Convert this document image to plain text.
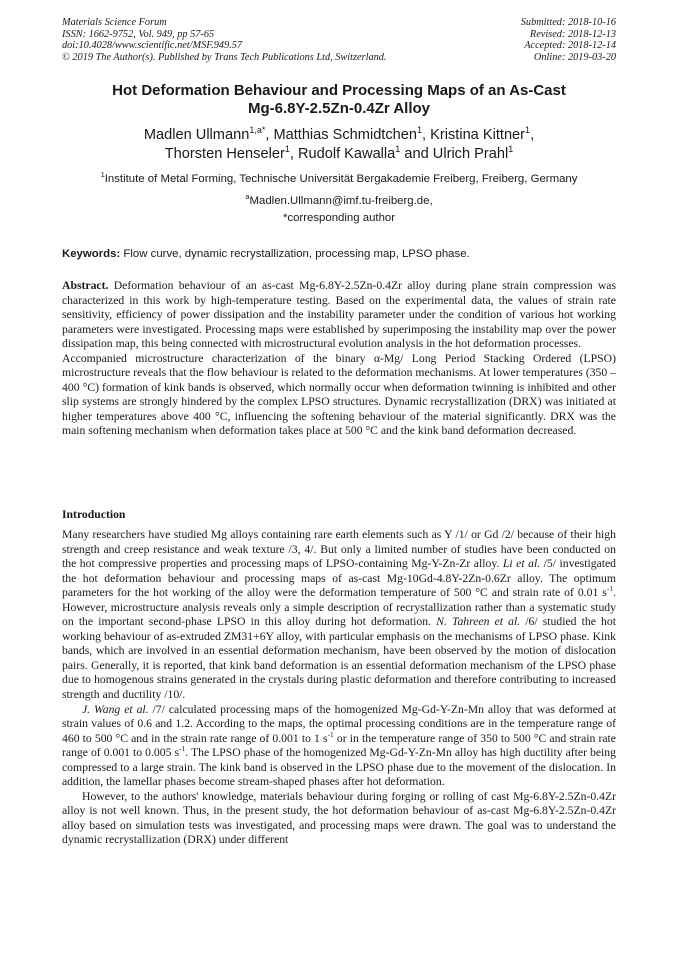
Materials Science Forum
ISSN: 1662-9752, Vol. 949, pp 57-65
doi:10.4028/www.scientific.net/MSF.949.57
© 2019 The Author(s). Published by Trans Tech Publications Ltd, Switzerland.
Submitted: 2018-10-16
Revised: 2018-12-13
Accepted: 2018-12-14
Online: 2019-03-20
Hot Deformation Behaviour and Processing Maps of an As-Cast
Mg-6.8Y-2.5Zn-0.4Zr Alloy
Madlen Ullmann$^{1,a*}$, Matthias Schmidtchen$^1$, Kristina Kittner$^1$,
Thorsten Henseler$^1$, Rudolf Kawalla$^1$ and Ulrich Prahl$^1$
$^1$Institute of Metal Forming, Technische Universität Bergakademie Freiberg, Freiberg, Germany
$^a$Madlen.Ullmann@imf.tu-freiberg.de,
*corresponding author
Keywords: Flow curve, dynamic recrystallization, processing map, LPSO phase.

Abstract. Deformation behaviour of an as-cast Mg-6.8Y-2.5Zn-0.4Zr alloy during plane strain compression was characterized in this work by high-temperature testing. Based on the experimental data, the values of strain rate sensitivity, efficiency of power dissipation and the instability parameter under the condition of various hot working parameters were investigated. Processing maps were established by superimposing the instability map over the power dissipation map, this being connected with microstructural evolution analysis in the hot deformation processes.

Accompanied microstructure characterization of the binary α-Mg/ Long Period Stacking Ordered (LPSO) microstructure reveals that the flow behaviour is related to the deformation mechanisms. At lower temperatures (350 – 400 °C) formation of kink bands is observed, which normally occur when deformation twinning is inhibited and other slip systems are strongly hindered by the complex LPSO structures. Dynamic recrystallization (DRX) was initiated at higher temperatures above 400 °C, influencing the softening behaviour of the material significantly. DRX was the main softening mechanism when deformation takes place at 500 °C and the kink band deformation decreased.

Introduction

Many researchers have studied Mg alloys containing rare earth elements such as Y /1/ or Gd /2/ because of their high strength and creep resistance and weak texture /3, 4/. But only a limited number of studies have been conducted on the hot compressive properties and processing maps of LPSO-containing Mg-Y-Zn-Zr alloy. Li et al. /5/ investigated the hot deformation behaviour and processing maps of as-cast Mg-10Gd-4.8Y-2Zn-0.6Zr alloy. The optimum parameters for the hot working of the alloy were the deformation temperature of 500 °C and strain rate of 0.01 $s^{-1}$. However, microstructure analysis reveals only a simple description of recrystallization rather than a systematic study on the important second-phase LPSO in this alloy during hot deformation. N. Tahreen et al. /6/ studied the hot working behaviour of as-extruded ZM31+6Y alloy, with particular emphasis on the mechanisms of LPSO phase. Kink bands, which are involved in an essential deformation mechanism, have been observed by the motion of dislocation pairs. Generally, it is reported, that kink band deformation is an essential deformation mechanism of the LPSO phase due to homogenous strains generated in the crystals during plastic deformation and therefore contributing to increased strength and ductility /10/.

J. Wang et al. /7/ calculated processing maps of the homogenized Mg-Gd-Y-Zn-Mn alloy that was deformed at strain values of 0.6 and 1.2. According to the maps, the optimal processing conditions are in the temperature range of 460 to 500 °C and in the strain rate range of 0.001 to 1 $s^{-1}$ or in the temperature range of 350 to 500 °C and strain rate range of 0.001 to 0.005 $s^{-1}$. The LPSO phase of the homogenized Mg-Gd-Y-Zn-Mn alloy has high ductility after being compressed to a large strain. The kink band is observed in the LPSO phase due to the movement of the dislocation. In addition, the lamellar phases become stream-shaped phases after hot deformation.

However, to the authors' knowledge, materials behaviour during forging or rolling of cast Mg-6.8Y-2.5Zn-0.4Zr alloy is not well known. Thus, in the present study, the hot deformation behaviour of as-cast Mg-6.8Y-2.5Zn-0.4Zr alloy based on simulation tests was investigated, and processing maps were drawn. The goal was to understand the dynamic recrystallization (DRX) under different
